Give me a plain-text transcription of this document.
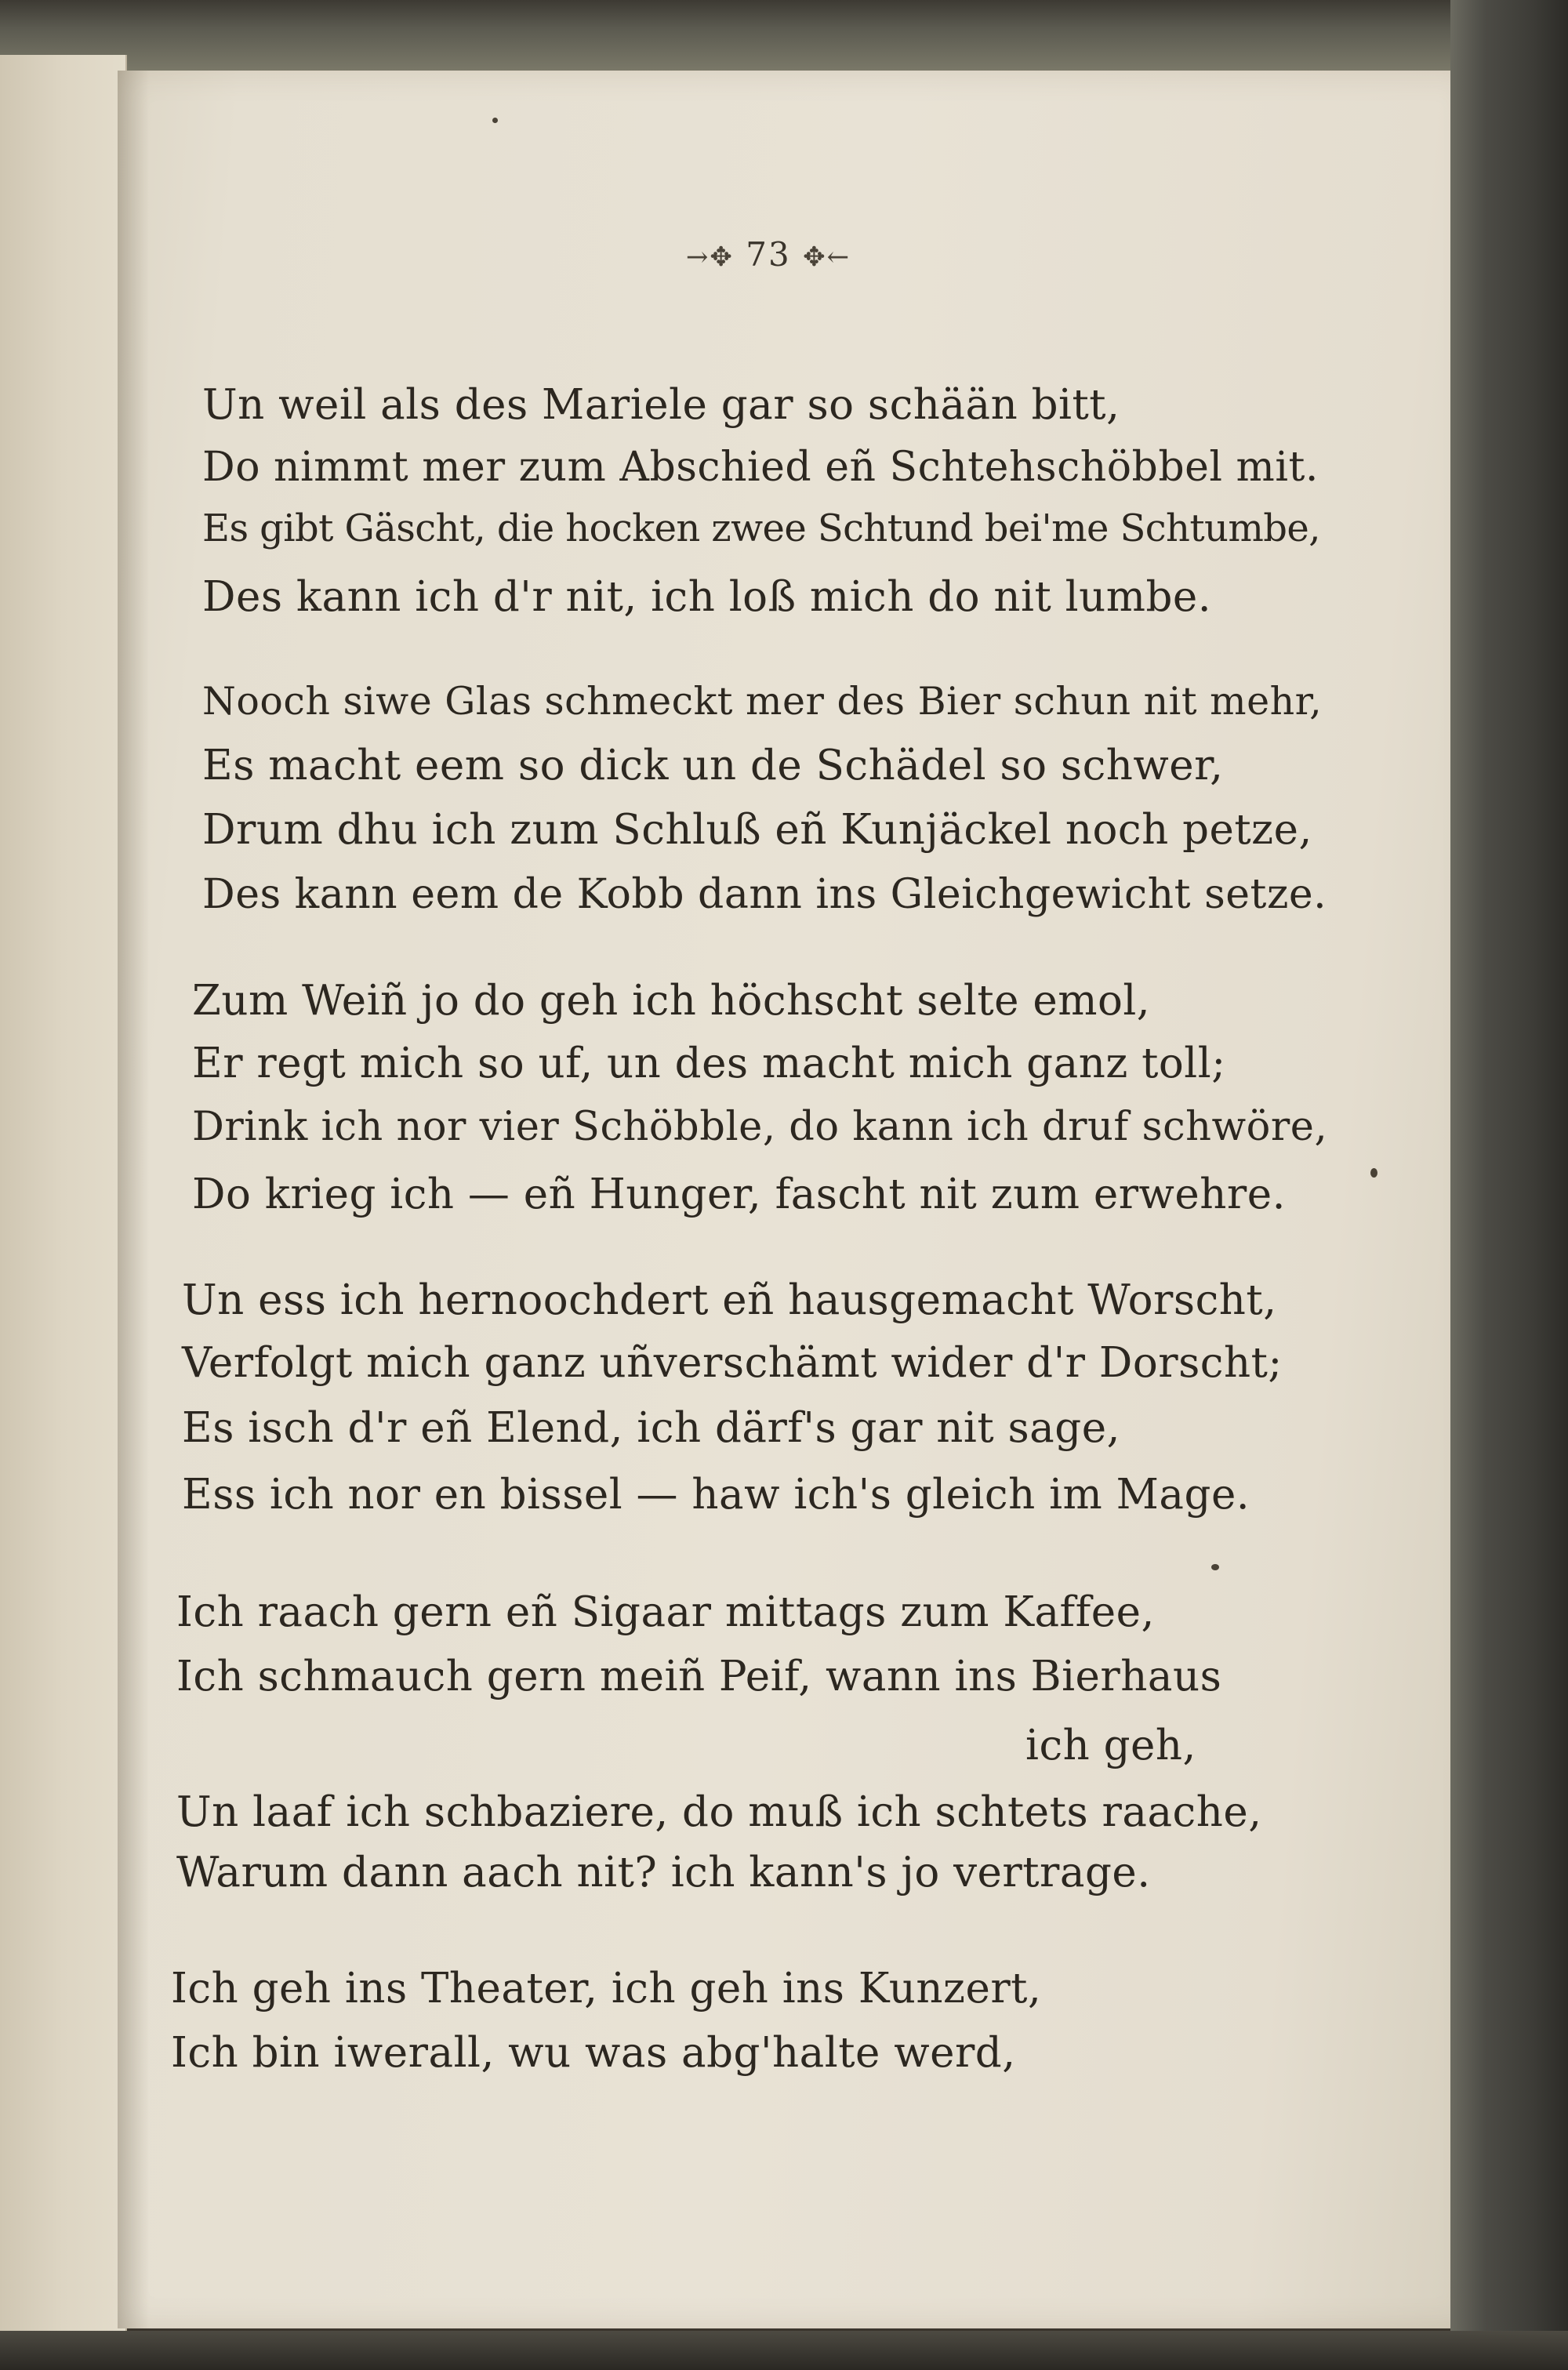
→✥ 73 ✥←
Un weil als des Mariele gar so schään bitt,
Do nimmt mer zum Abschied eñ Schtehschöbbel mit.
Es gibt Gäscht, die hocken zwee Schtund bei'me Schtumbe,
Des kann ich d'r nit, ich loß mich do nit lumbe.
Nooch siwe Glas schmeckt mer des Bier schun nit mehr,
Es macht eem so dick un de Schädel so schwer,
Drum dhu ich zum Schluß eñ Kunjäckel noch petze,
Des kann eem de Kobb dann ins Gleichgewicht setze.
Zum Weiñ jo do geh ich höchscht selte emol,
Er regt mich so uf, un des macht mich ganz toll;
Drink ich nor vier Schöbble, do kann ich druf schwöre,
Do krieg ich — eñ Hunger, fascht nit zum erwehre.
Un ess ich hernoochdert eñ hausgemacht Worscht,
Verfolgt mich ganz uñverschämt wider d'r Dorscht;
Es isch d'r eñ Elend, ich därf's gar nit sage,
Ess ich nor en bissel — haw ich's gleich im Mage.
Ich raach gern eñ Sigaar mittags zum Kaffee,
Ich schmauch gern meiñ Peif, wann ins Bierhaus
ich geh,
Un laaf ich schbaziere, do muß ich schtets raache,
Warum dann aach nit? ich kann's jo vertrage.
Ich geh ins Theater, ich geh ins Kunzert,
Ich bin iwerall, wu was abg'halte werd,
